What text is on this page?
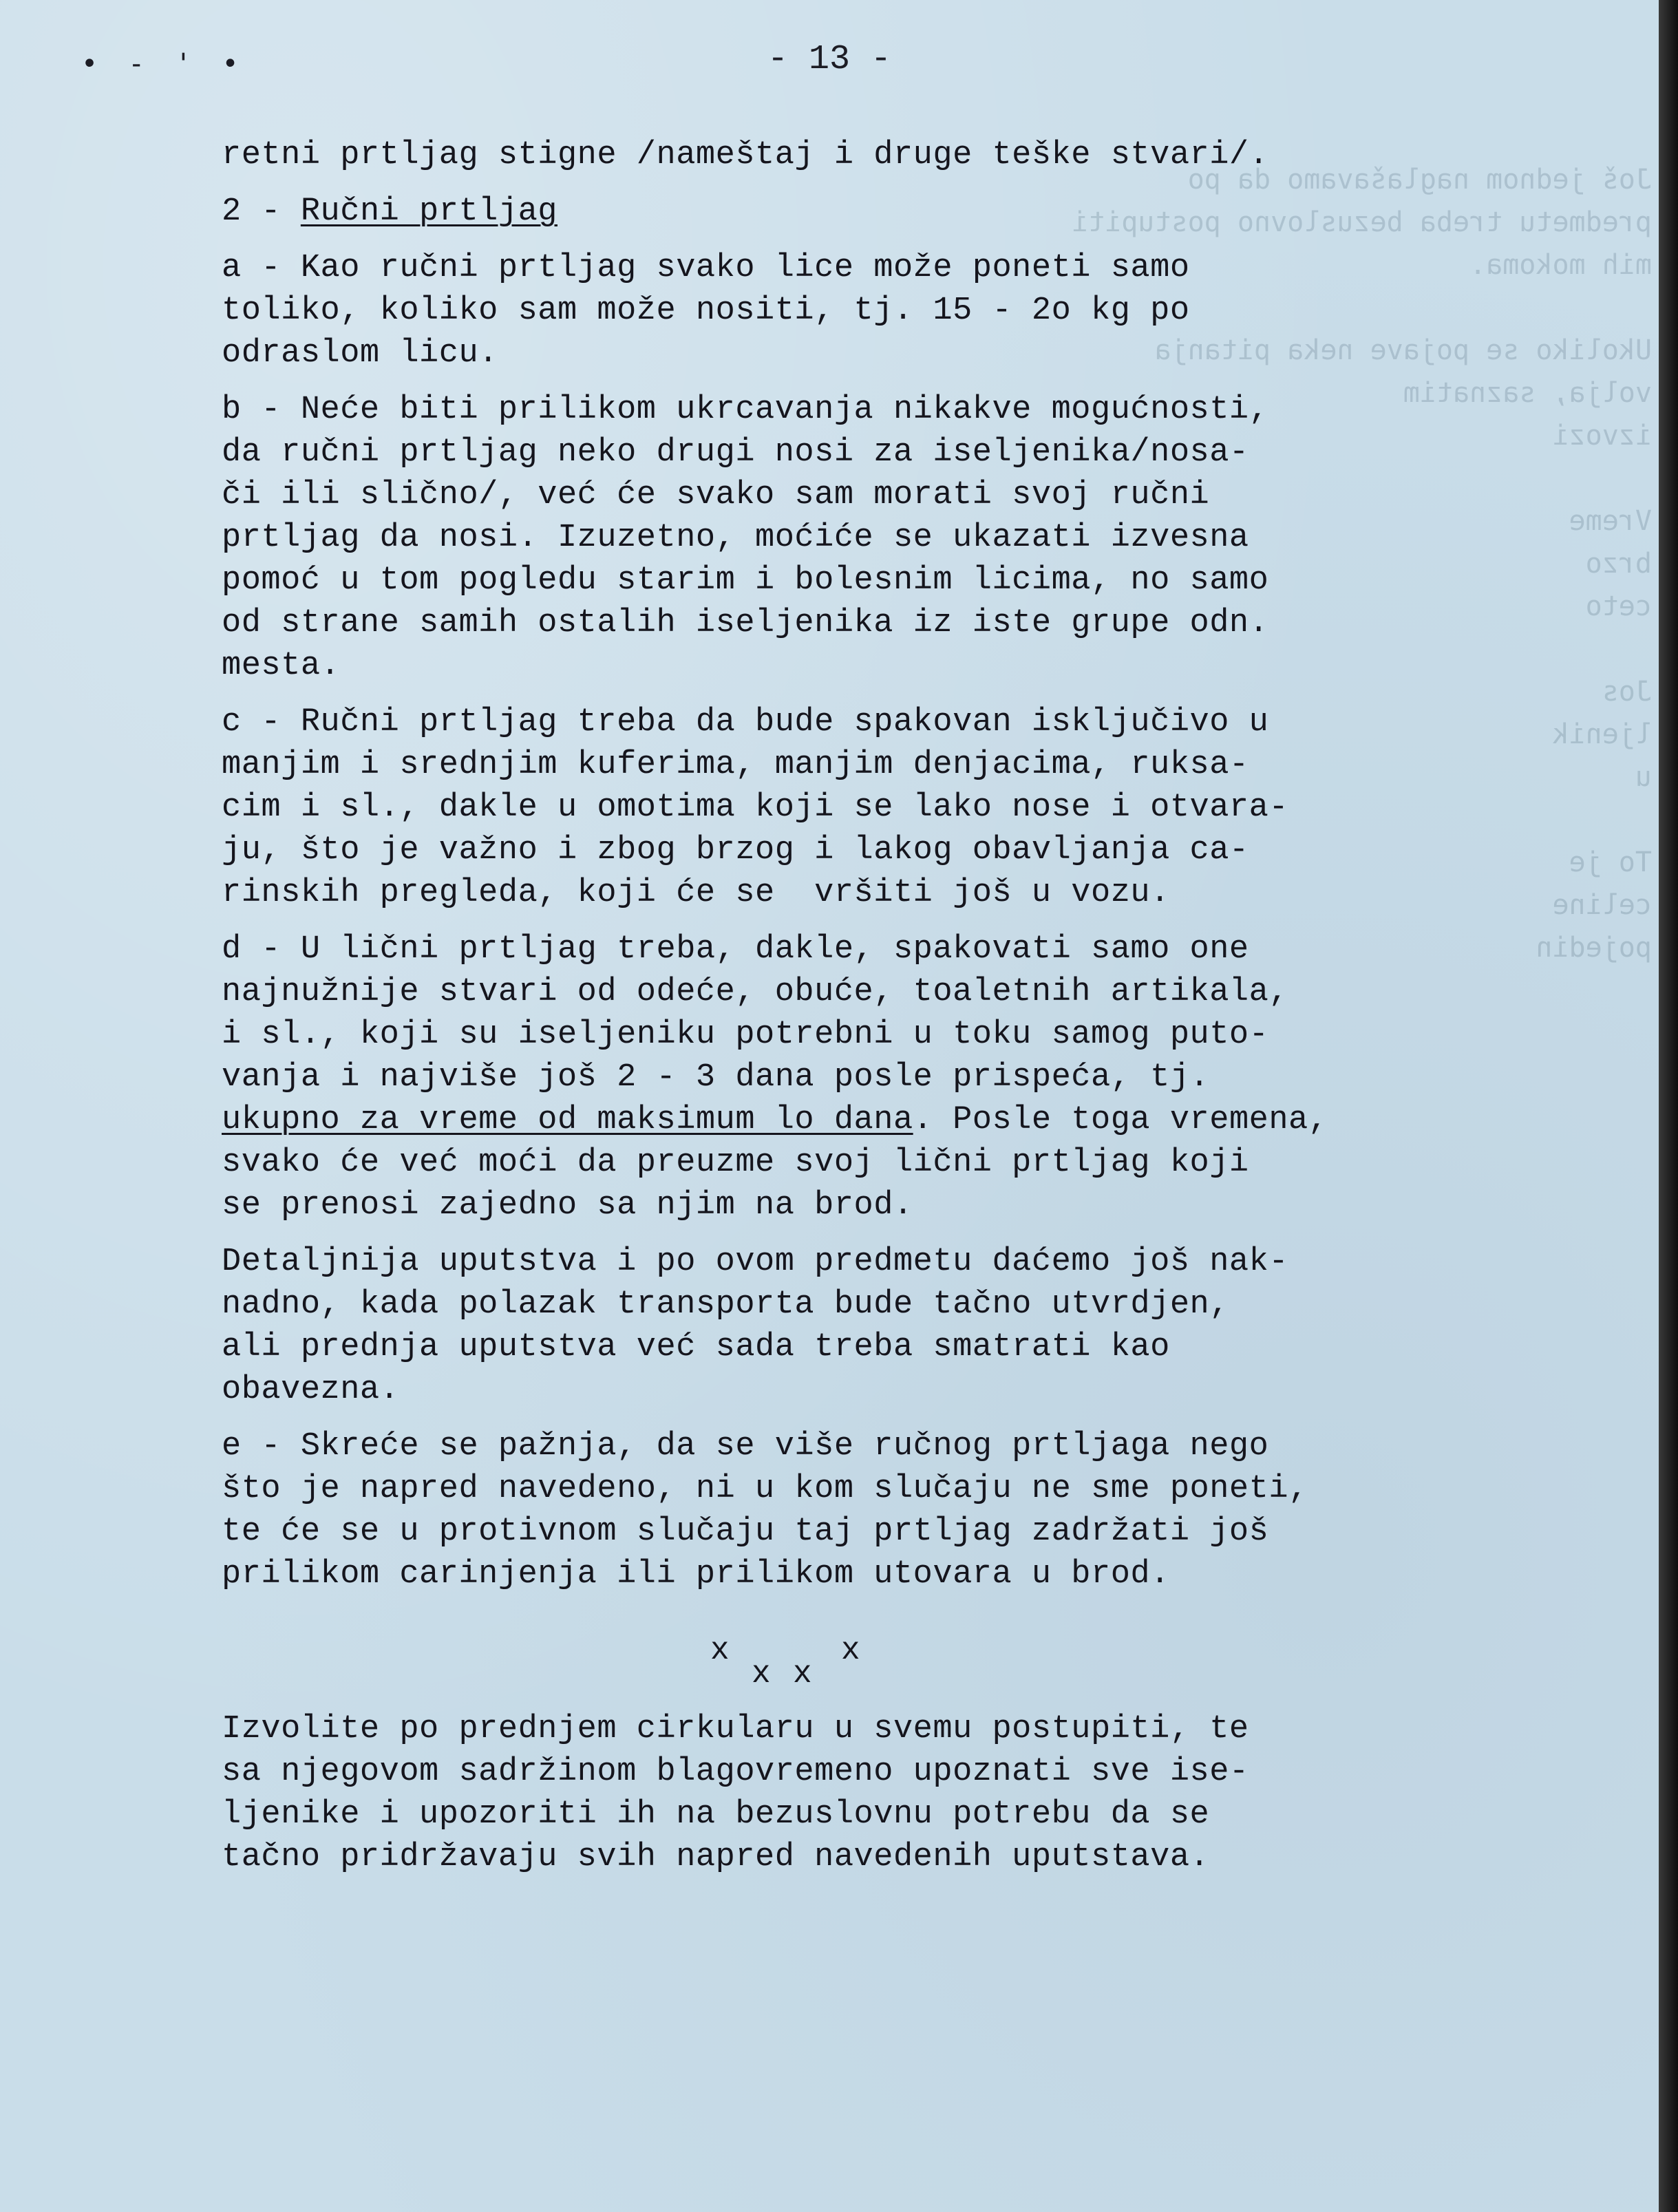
Još jednom naglašavamo da po
predmetu treba bezuslovno postupiti
mih mokoma.

Ukoliko se pojave neka pitanja
volja, saznatim
izvozi

Vreme
brzo
ceto

Jos
ljenik
u

To je
celine
pojedin
• - ' •	- 13 -
retni prtljag stigne /nameštaj i druge teške stvari/.
2 - Ručni prtljag
a - Kao ručni prtljag svako lice može poneti samo
toliko, koliko sam može nositi, tj. 15 - 2o kg po
odraslom licu.
b - Neće biti prilikom ukrcavanja nikakve mogućnosti,
da ručni prtljag neko drugi nosi za iseljenika/nosa-
či ili slično/, već će svako sam morati svoj ručni
prtljag da nosi. Izuzetno, moćiće se ukazati izvesna
pomoć u tom pogledu starim i bolesnim licima, no samo
od strane samih ostalih iseljenika iz iste grupe odn.
mesta.
c - Ručni prtljag treba da bude spakovan isključivo u
manjim i srednjim kuferima, manjim denjacima, ruksa-
cim i sl., dakle u omotima koji se lako nose i otvara-
ju, što je važno i zbog brzog i lakog obavljanja ca-
rinskih pregleda, koji će se  vršiti još u vozu.
d - U lični prtljag treba, dakle, spakovati samo one
najnužnije stvari od odeće, obuće, toaletnih artikala,
i sl., koji su iseljeniku potrebni u toku samog puto-
vanja i najviše još 2 - 3 dana posle prispeća, tj.
ukupno za vreme od maksimum lo dana. Posle toga vremena,
svako će već moći da preuzme svoj lični prtljag koji
se prenosi zajedno sa njim na brod.
Detaljnija uputstva i po ovom predmetu daćemo još nak-
nadno, kada polazak transporta bude tačno utvrdjen,
ali prednja uputstva već sada treba smatrati kao
obavezna.
e - Skreće se pažnja, da se više ručnog prtljaga nego
što je napred navedeno, ni u kom slučaju ne sme poneti,
te će se u protivnom slučaju taj prtljag zadržati još
prilikom carinjenja ili prilikom utovara u brod.
x
x x
x
Izvolite po prednjem cirkularu u svemu postupiti, te
sa njegovom sadržinom blagovremeno upoznati sve ise-
ljenike i upozoriti ih na bezuslovnu potrebu da se
tačno pridržavaju svih napred navedenih uputstava.
